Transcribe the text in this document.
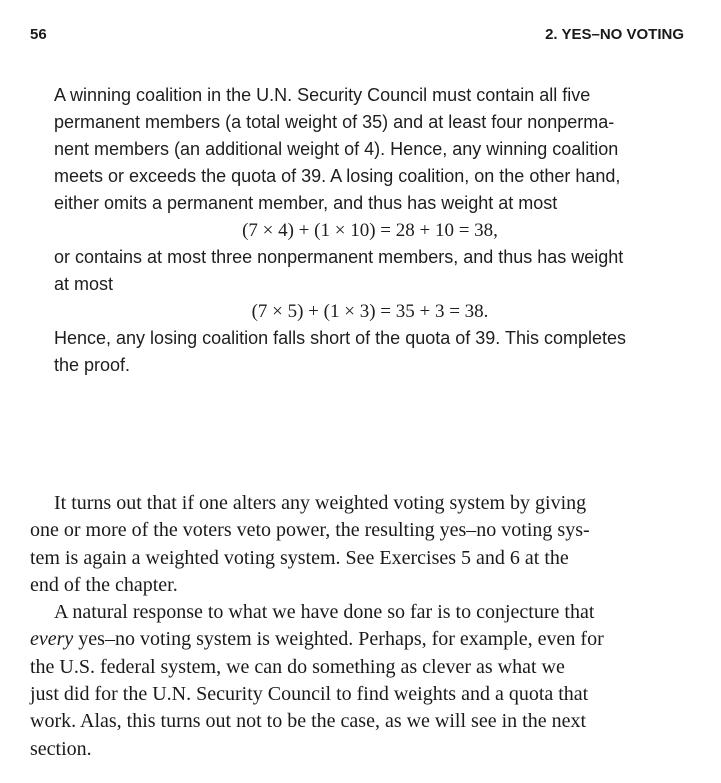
56	2. YES–NO VOTING

A winning coalition in the U.N. Security Council must contain all five

permanent members (a total weight of 35) and at least four nonperma-

nent members (an additional weight of 4). Hence, any winning coalition

meets or exceeds the quota of 39. A losing coalition, on the other hand,

either omits a permanent member, and thus has weight at most

(7 × 4) + (1 × 10) = 28 + 10 = 38,

or contains at most three nonpermanent members, and thus has weight

at most

(7 × 5) + (1 × 3) = 35 + 3 = 38.

Hence, any losing coalition falls short of the quota of 39. This completes

the proof.

It turns out that if one alters any weighted voting system by giving

one or more of the voters veto power, the resulting yes–no voting sys-

tem is again a weighted voting system. See Exercises 5 and 6 at the

end of the chapter.

A natural response to what we have done so far is to conjecture that

every yes–no voting system is weighted. Perhaps, for example, even for

the U.S. federal system, we can do something as clever as what we

just did for the U.N. Security Council to find weights and a quota that

work. Alas, this turns out not to be the case, as we will see in the next

section.
